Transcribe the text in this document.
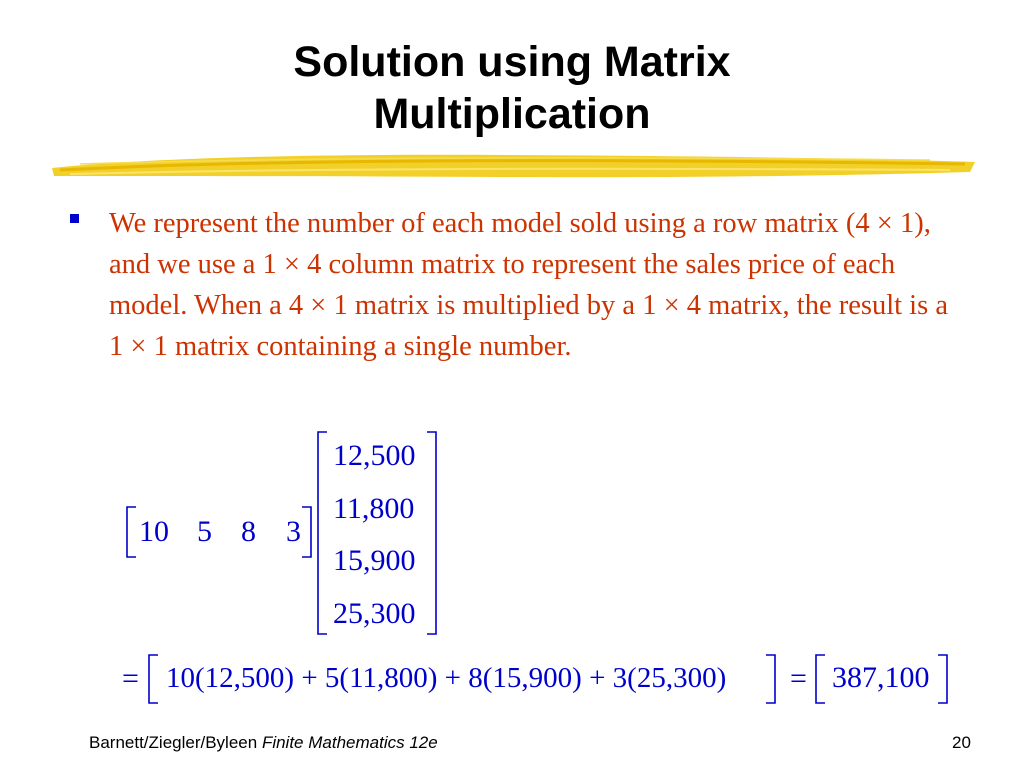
Solution using Matrix
Multiplication
We represent the number of each model sold using a row matrix (4 × 1), and we use a 1 × 4 column matrix to represent the sales price of each model. When a 4 × 1 matrix is multiplied by a 1 × 4 matrix, the result is a 1 × 1 matrix containing a single number.
10 5 8 3
12,500
11,800
15,900
25,300
= 10(12,500) + 5(11,800) + 8(15,900) + 3(25,300) = 387,100
Barnett/Ziegler/Byleen Finite Mathematics 12e	20
